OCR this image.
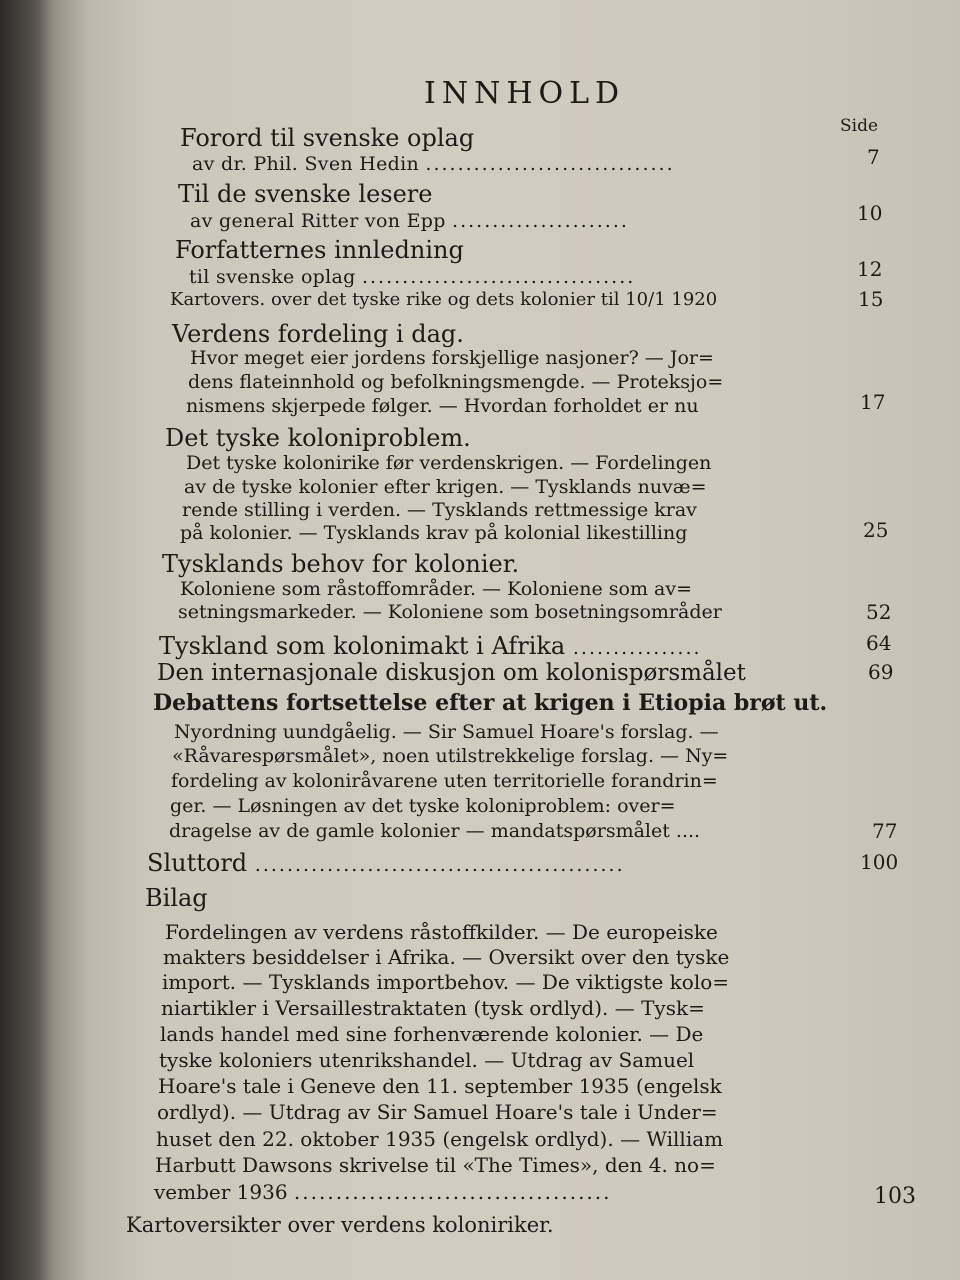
INNHOLD
Side
Forord til svenske oplag
av dr. Phil. Sven Hedin ...............................	7
Til de svenske lesere
av general Ritter von Epp ......................	10
Forfatternes innledning
til svenske oplag ..................................	12
Kartovers. over det tyske rike og dets kolonier til 10/1 1920	15
Verdens fordeling i dag.
Hvor meget eier jordens forskjellige nasjoner? — Jor=
dens flateinnhold og befolkningsmengde. — Proteksjo=
nismens skjerpede følger. — Hvordan forholdet er nu	17
Det tyske koloniproblem.
Det tyske kolonirike før verdenskrigen. — Fordelingen
av de tyske kolonier efter krigen. — Tysklands nuvæ=
rende stilling i verden. — Tysklands rettmessige krav
på kolonier. — Tysklands krav på kolonial likestilling	25
Tysklands behov for kolonier.
Koloniene som råstoffområder. — Koloniene som av=
setningsmarkeder. — Koloniene som bosetningsområder	52
Tyskland som kolonimakt i Afrika ................	64
Den internasjonale diskusjon om kolonispørsmålet	69
Debattens fortsettelse efter at krigen i Etiopia brøt ut.
Nyordning uundgåelig. — Sir Samuel Hoare's forslag. —
«Råvarespørsmålet», noen utilstrekkelige forslag. — Ny=
fordeling av koloniråvarene uten territorielle forandrin=
ger. — Løsningen av det tyske koloniproblem: over=
dragelse av de gamle kolonier — mandatspørsmålet ....	77
Sluttord ..............................................	100
Bilag
Fordelingen av verdens råstoffkilder. — De europeiske
makters besiddelser i Afrika. — Oversikt over den tyske
import. — Tysklands importbehov. — De viktigste kolo=
niartikler i Versaillestraktaten (tysk ordlyd). — Tysk=
lands handel med sine forhenværende kolonier. — De
tyske koloniers utenrikshandel. — Utdrag av Samuel
Hoare's tale i Geneve den 11. september 1935 (engelsk
ordlyd). — Utdrag av Sir Samuel Hoare's tale i Under=
huset den 22. oktober 1935 (engelsk ordlyd). — William
Harbutt Dawsons skrivelse til «The Times», den 4. no=
vember 1936 ......................................	103
Kartoversikter over verdens koloniriker.
